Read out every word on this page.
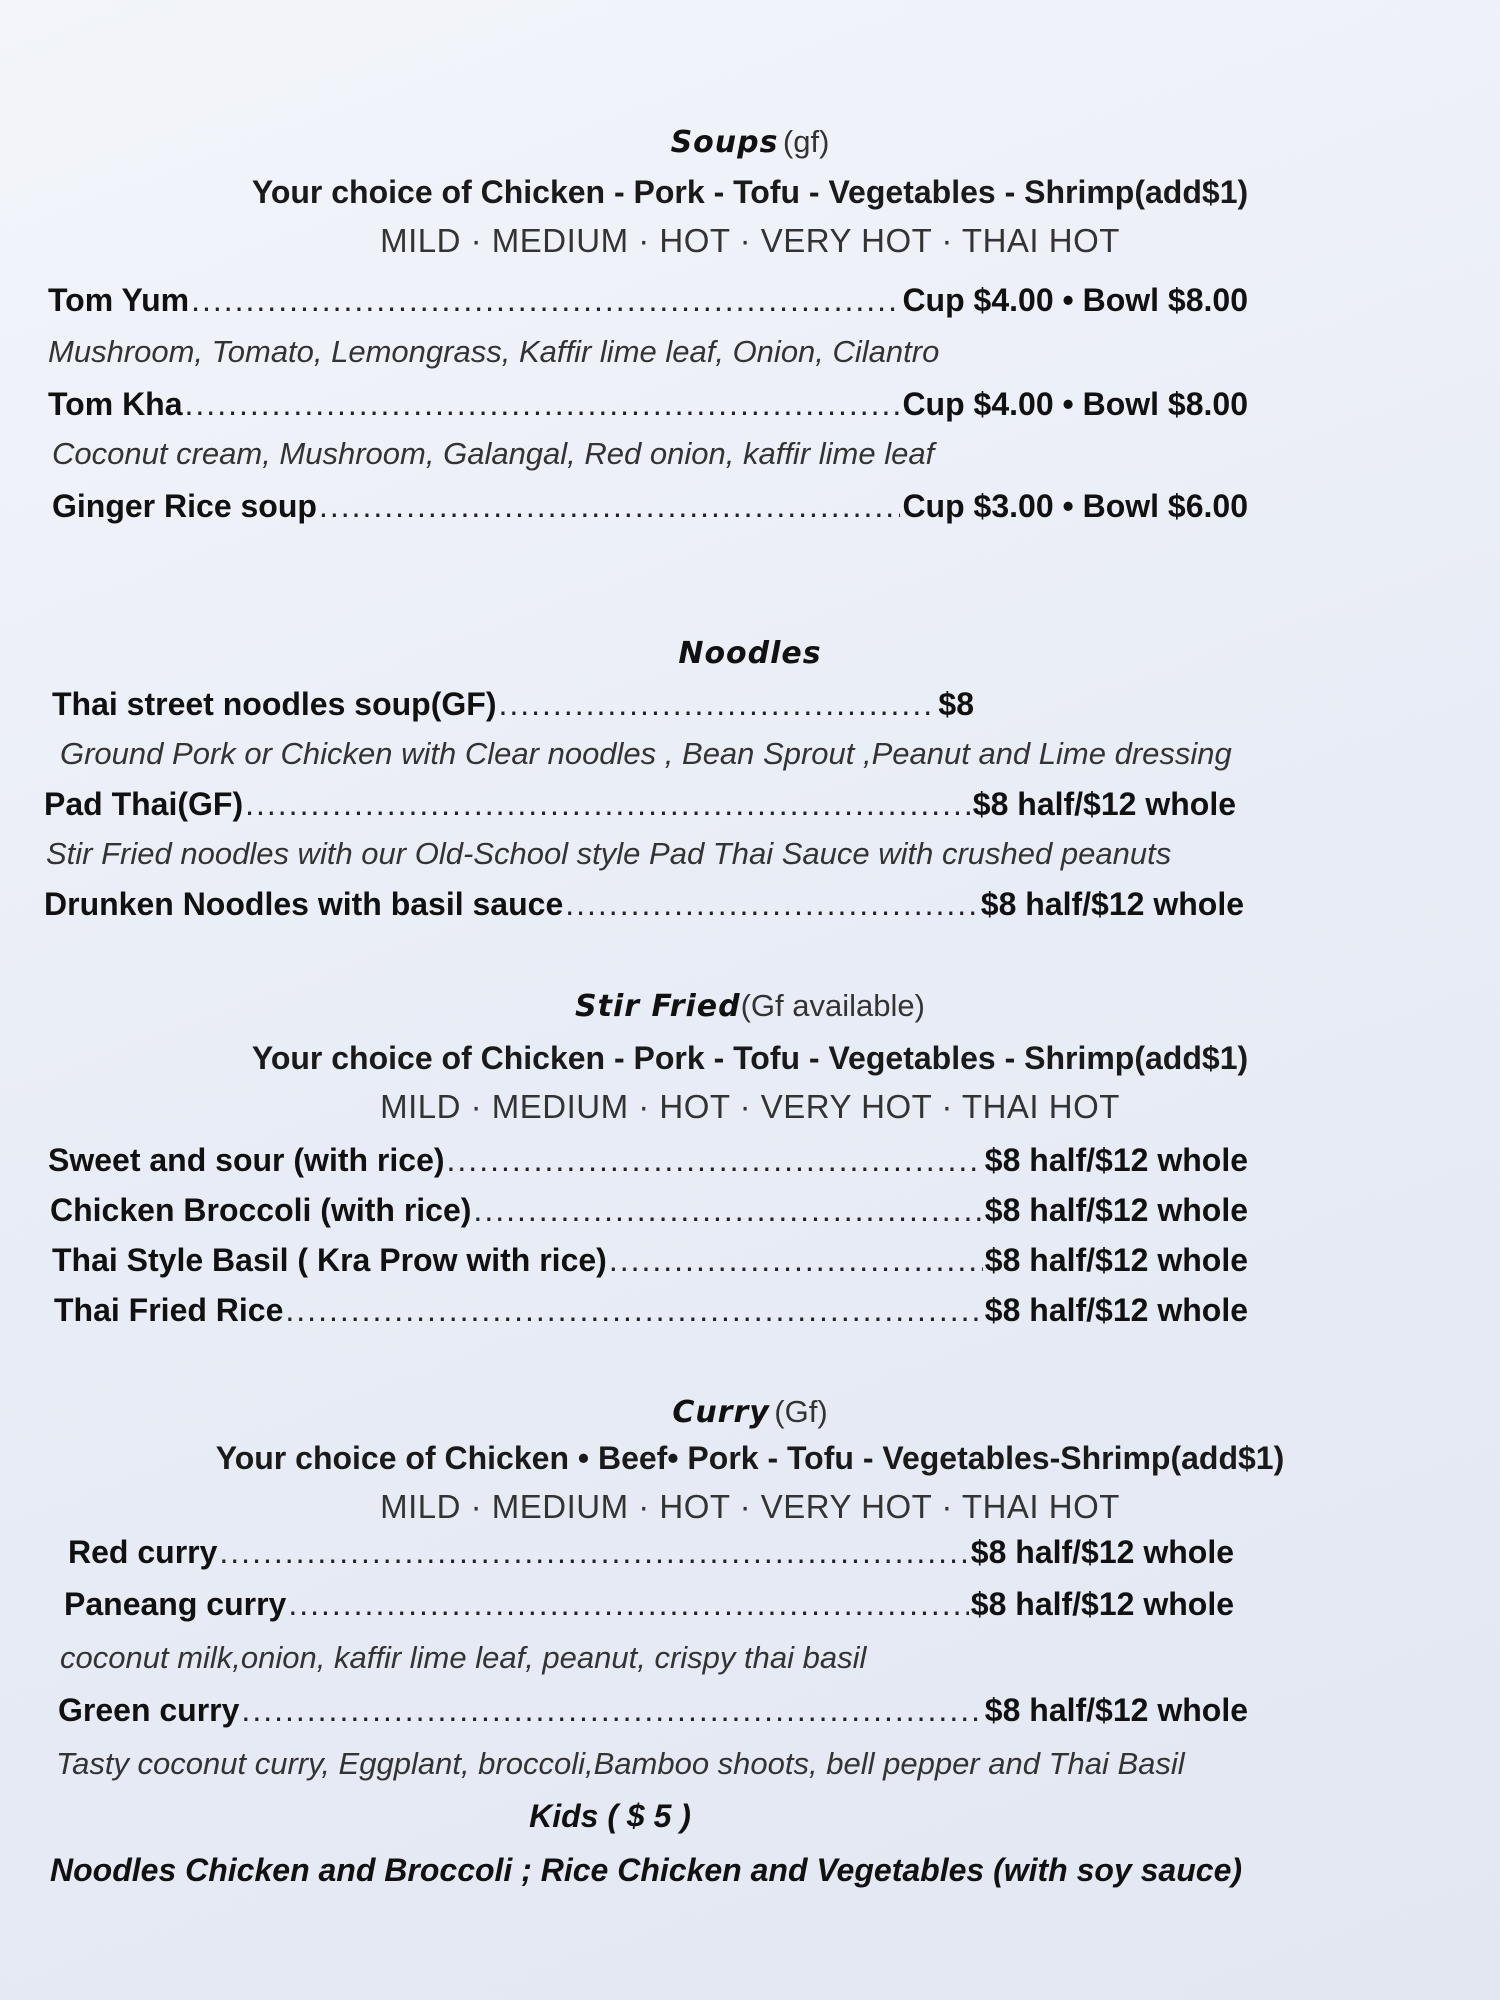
Soups (gf)
Your choice of Chicken - Pork - Tofu - Vegetables - Shrimp(add$1)
MILD · MEDIUM · HOT · VERY HOT · THAI HOT
Tom Yum .....	Cup $4.00 • Bowl $8.00
Mushroom, Tomato, Lemongrass, Kaffir lime leaf, Onion, Cilantro
Tom Kha .....	Cup $4.00 • Bowl $8.00
Coconut cream, Mushroom, Galangal, Red onion, kaffir lime leaf
Ginger Rice soup .....	Cup $3.00 • Bowl $6.00
Noodles
Thai street noodles soup(GF) .....	$8
Ground Pork or Chicken with Clear noodles , Bean Sprout ,Peanut and Lime dressing
Pad Thai(GF) .....	$8 half/$12 whole
Stir Fried noodles with our Old-School style Pad Thai Sauce with crushed peanuts
Drunken Noodles with basil sauce .....	$8 half/$12 whole
Stir Fried(Gf available)
Your choice of Chicken - Pork - Tofu - Vegetables - Shrimp(add$1)
MILD · MEDIUM · HOT · VERY HOT · THAI HOT
Sweet and sour (with rice) .....	$8 half/$12 whole
Chicken Broccoli (with rice) .....	$8 half/$12 whole
Thai Style Basil ( Kra Prow with rice) .....	$8 half/$12 whole
Thai Fried Rice .....	$8 half/$12 whole
Curry (Gf)
Your choice of Chicken • Beef• Pork - Tofu - Vegetables-Shrimp(add$1)
MILD · MEDIUM · HOT · VERY HOT · THAI HOT
Red curry .....	$8 half/$12 whole
Paneang curry .....	$8 half/$12 whole
coconut milk,onion, kaffir lime leaf, peanut, crispy thai basil
Green curry .....	$8 half/$12 whole
Tasty coconut curry, Eggplant, broccoli,Bamboo shoots, bell pepper and Thai Basil
Kids ( $ 5 )
Noodles Chicken and Broccoli ; Rice Chicken and Vegetables (with soy sauce)
